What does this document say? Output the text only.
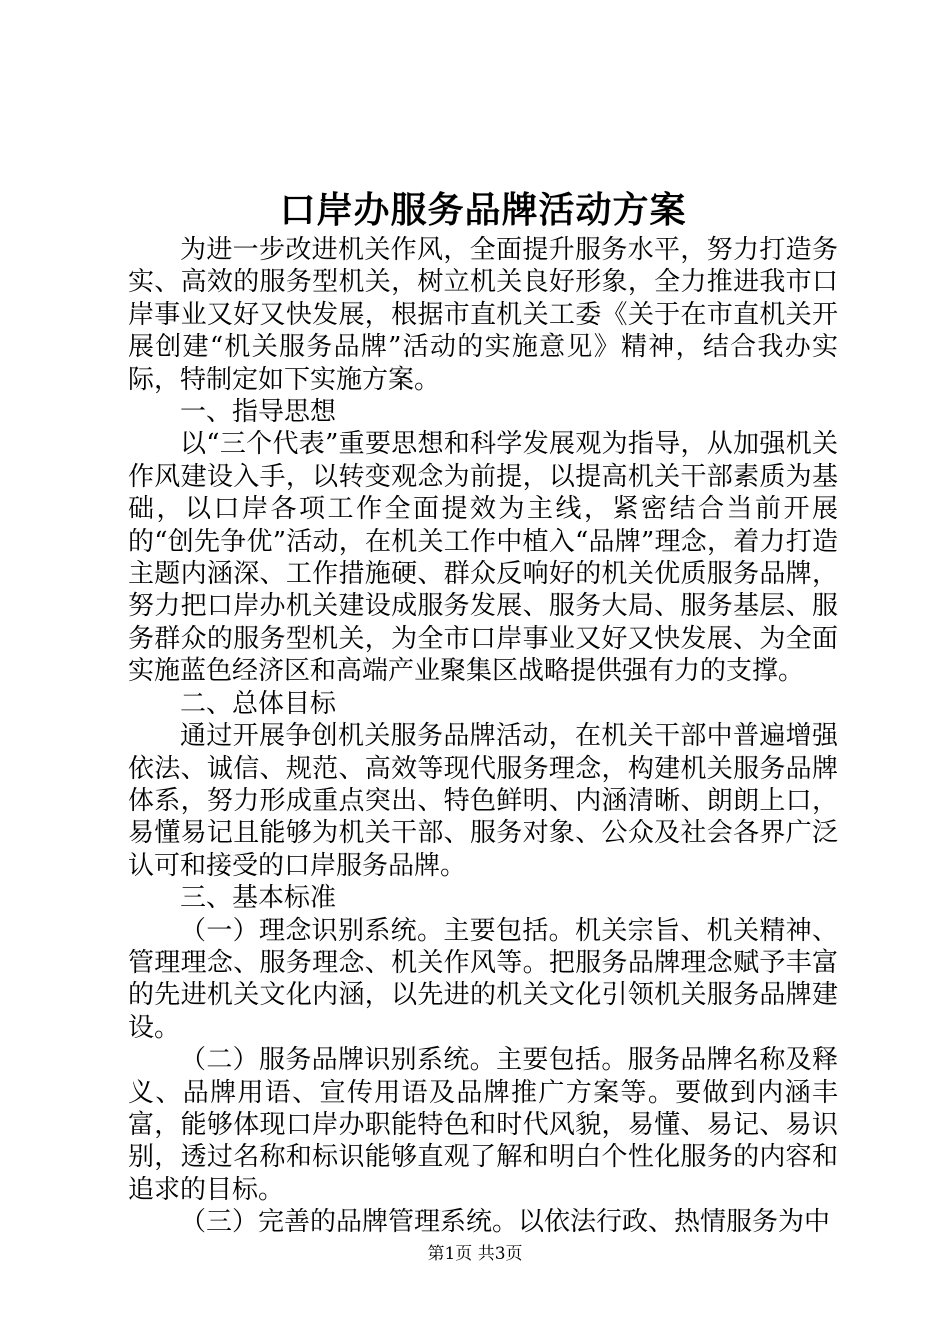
口岸办服务品牌活动方案

为进一步改进机关作风，全面提升服务水平，努力打造务实、高效的服务型机关，树立机关良好形象，全力推进我市口岸事业又好又快发展，根据市直机关工委《关于在市直机关开展创建“机关服务品牌”活动的实施意见》精神，结合我办实际，特制定如下实施方案。

一、指导思想

以“三个代表”重要思想和科学发展观为指导，从加强机关作风建设入手，以转变观念为前提，以提高机关干部素质为基础，以口岸各项工作全面提效为主线，紧密结合当前开展的“创先争优”活动，在机关工作中植入“品牌”理念，着力打造主题内涵深、工作措施硬、群众反响好的机关优质服务品牌，努力把口岸办机关建设成服务发展、服务大局、服务基层、服务群众的服务型机关，为全市口岸事业又好又快发展、为全面实施蓝色经济区和高端产业聚集区战略提供强有力的支撑。

二、总体目标

通过开展争创机关服务品牌活动，在机关干部中普遍增强依法、诚信、规范、高效等现代服务理念，构建机关服务品牌体系，努力形成重点突出、特色鲜明、内涵清晰、朗朗上口，易懂易记且能够为机关干部、服务对象、公众及社会各界广泛认可和接受的口岸服务品牌。

三、基本标准

（一）理念识别系统。主要包括。机关宗旨、机关精神、管理理念、服务理念、机关作风等。把服务品牌理念赋予丰富的先进机关文化内涵，以先进的机关文化引领机关服务品牌建设。

（二）服务品牌识别系统。主要包括。服务品牌名称及释义、品牌用语、宣传用语及品牌推广方案等。要做到内涵丰富，能够体现口岸办职能特色和时代风貌，易懂、易记、易识别，透过名称和标识能够直观了解和明白个性化服务的内容和追求的目标。

（三）完善的品牌管理系统。以依法行政、热情服务为中

第1页 共3页
